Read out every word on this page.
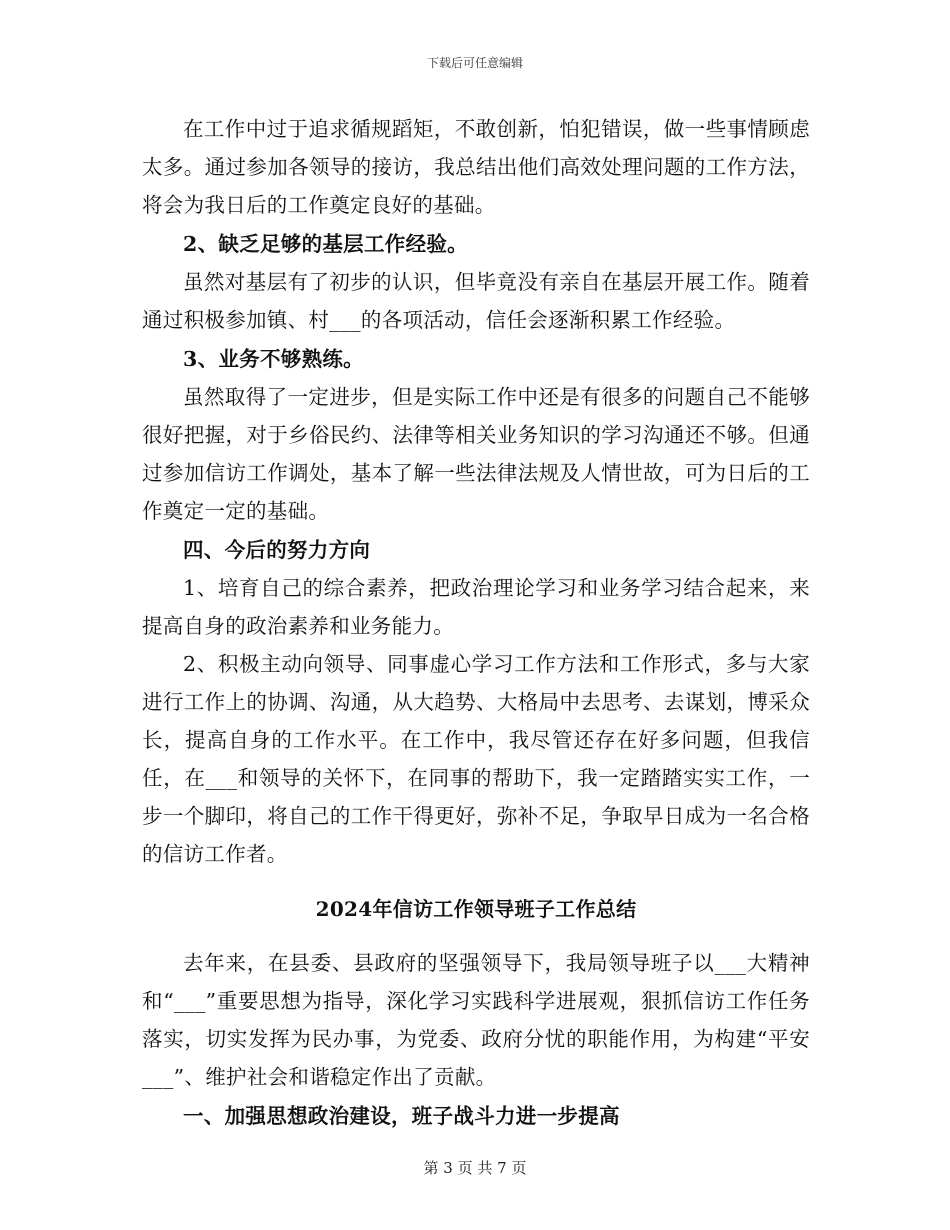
下载后可任意编辑

在工作中过于追求循规蹈矩，不敢创新，怕犯错误，做一些事情顾虑太多。通过参加各领导的接访，我总结出他们高效处理问题的工作方法，将会为我日后的工作奠定良好的基础。

2、缺乏足够的基层工作经验。

虽然对基层有了初步的认识，但毕竟没有亲自在基层开展工作。随着通过积极参加镇、村___的各项活动，信任会逐渐积累工作经验。

3、业务不够熟练。

虽然取得了一定进步，但是实际工作中还是有很多的问题自己不能够很好把握，对于乡俗民约、法律等相关业务知识的学习沟通还不够。但通过参加信访工作调处，基本了解一些法律法规及人情世故，可为日后的工作奠定一定的基础。

四、今后的努力方向

1、培育自己的综合素养，把政治理论学习和业务学习结合起来，来提高自身的政治素养和业务能力。

2、积极主动向领导、同事虚心学习工作方法和工作形式，多与大家进行工作上的协调、沟通，从大趋势、大格局中去思考、去谋划，博采众长，提高自身的工作水平。在工作中，我尽管还存在好多问题，但我信任，在___和领导的关怀下，在同事的帮助下，我一定踏踏实实工作，一步一个脚印，将自己的工作干得更好，弥补不足，争取早日成为一名合格的信访工作者。

2024年信访工作领导班子工作总结

去年来，在县委、县政府的坚强领导下，我局领导班子以___大精神和“___”重要思想为指导，深化学习实践科学进展观，狠抓信访工作任务落实，切实发挥为民办事，为党委、政府分忧的职能作用，为构建“平安___”、维护社会和谐稳定作出了贡献。

一、加强思想政治建设，班子战斗力进一步提高

第 3 页 共 7 页
